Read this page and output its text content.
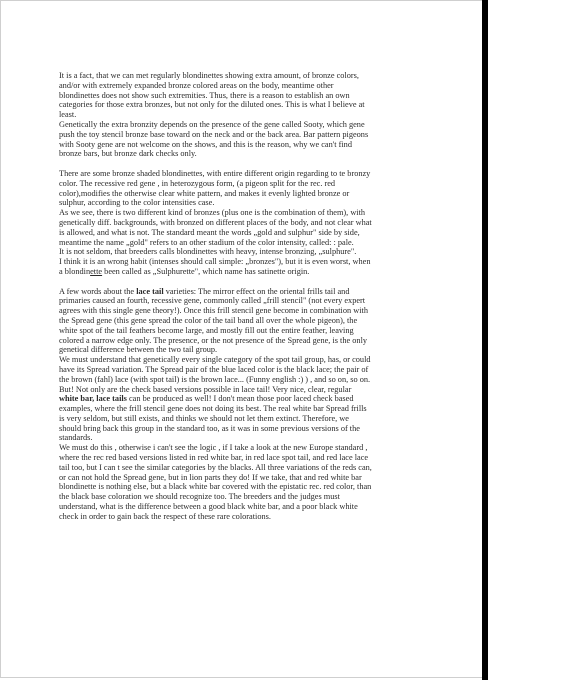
It is a fact, that we can met regularly blondinettes showing extra amount, of bronze colors,

and/or with extremely expanded bronze colored areas on the body, meantime other

blondinettes does not show such extremities. Thus, there is a reason to establish an own

categories for those extra bronzes, but not only for the diluted ones. This is what I believe at

least.

Genetically the extra bronzity depends on the presence of the gene called Sooty, which gene

push the toy stencil bronze base toward on the neck and or the back area. Bar pattern pigeons

with Sooty gene are not welcome on the shows, and this is the reason, why we can't find

bronze bars, but bronze dark checks only.

There are some bronze shaded blondinettes, with entire different origin regarding to te bronzy

color. The recessive red gene , in heterozygous form, (a pigeon split for the rec. red

color),modifies the otherwise clear white pattern, and makes it evenly lighted bronze or

sulphur, according to the color intensities case.

As we see, there is two different kind of bronzes (plus one is the combination of them), with

genetically diff. backgrounds, with bronzed on different places of the body, and not clear what

is allowed, and what is not. The standard meant the words „gold and sulphur" side by side,

meantime the name „gold" refers to an other stadium of the color intensity, called: : pale.

It is not seldom, that breeders calls blondinettes with heavy, intense bronzing, „sulphure".

I think it is an wrong habit (intenses should call simple: „bronzes"), but it is even worst, when

a blondinette been called as „Sulphurette", which name has satinette origin.

A few words about the lace tail varieties: The mirror effect on the oriental frills tail and

primaries caused an fourth, recessive gene, commonly called „frill stencil" (not every expert

agrees with this single gene theory!). Once this frill stencil gene become in combination with

the Spread gene (this gene spread the color of the tail band all over the whole pigeon), the

white spot of the tail feathers become large, and mostly fill out the entire feather, leaving

colored a narrow edge only. The presence, or the not presence of the Spread gene, is the only

genetical difference between the two tail group.

We must understand that genetically every single category of the spot tail group, has, or could

have its Spread variation. The Spread pair of the blue laced color is the black lace; the pair of

the brown (fahl) lace (with spot tail) is the brown lace... (Funny english :) ) , and so on, so on.

But! Not only are the check based versions possible in lace tail! Very nice, clear, regular

white bar, lace tails can be produced as well! I don't mean those poor laced check based

examples, where the frill stencil gene does not doing its best. The real white bar Spread frills

is very seldom, but still exists, and thinks we should not let them extinct. Therefore, we

should bring back this group in the standard too, as it was in some previous versions of the

standards.

We must do this , otherwise i can't see the logic , if I take a look at the new Europe standard ,

where the rec red based versions listed in red white bar, in red lace spot tail, and red lace lace

tail too, but I can t see the similar categories by the blacks. All three variations of the reds can,

or can not hold the Spread gene, but in lion parts they do! If we take, that and red white bar

blondinette is nothing else, but a black white bar covered with the epistatic rec. red color, than

the black base coloration we should recognize too. The breeders and the judges must

understand, what is the difference between a good black white bar, and a poor black white

check in order to gain back the respect of these rare colorations.
